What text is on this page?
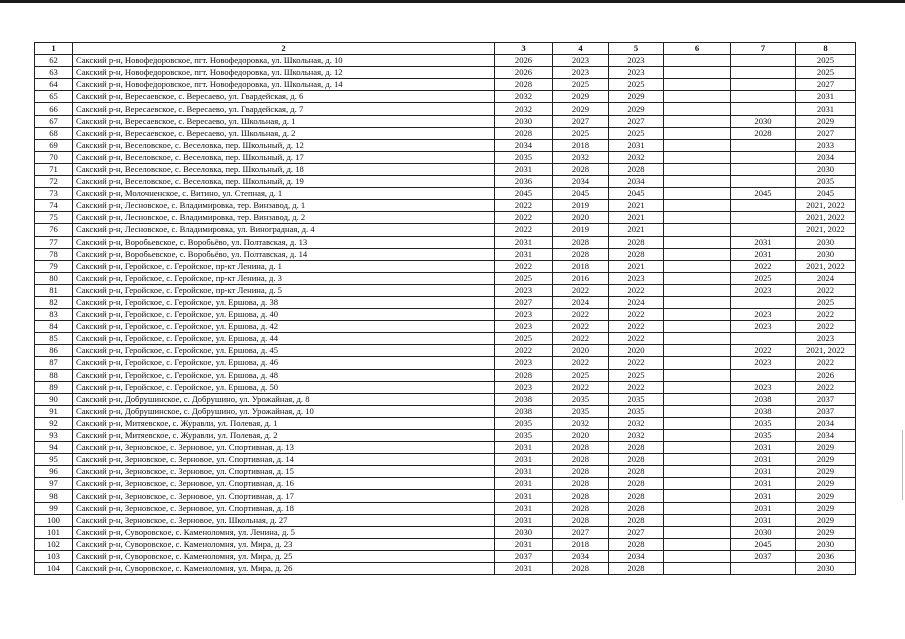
1	2	3	4	5	6	7	8
62	Сакский р-н, Новофедоровское, пгт. Новофедоровка, ул. Школьная, д. 10	2026	2023	2023			2025
63	Сакский р-н, Новофедоровское, пгт. Новофедоровка, ул. Школьная, д. 12	2026	2023	2023			2025
64	Сакский р-н, Новофедоровское, пгт. Новофедоровка, ул. Школьная, д. 14	2028	2025	2025			2027
65	Сакский р-н, Вересаевское, с. Вересаево, ул. Гвардейская, д. 6	2032	2029	2029			2031
66	Сакский р-н, Вересаевское, с. Вересаево, ул. Гвардейская, д. 7	2032	2029	2029			2031
67	Сакский р-н, Вересаевское, с. Вересаево, ул. Школьная, д. 1	2030	2027	2027		2030	2029
68	Сакский р-н, Вересаевское, с. Вересаево, ул. Школьная, д. 2	2028	2025	2025		2028	2027
69	Сакский р-н, Веселовское, с. Веселовка, пер. Школьный, д. 12	2034	2018	2031			2033
70	Сакский р-н, Веселовское, с. Веселовка, пер. Школьный, д. 17	2035	2032	2032			2034
71	Сакский р-н, Веселовское, с. Веселовка, пер. Школьный, д. 18	2031	2028	2028			2030
72	Сакский р-н, Веселовское, с. Веселовка, пер. Школьный, д. 19	2036	2034	2034			2035
73	Сакский р-н, Молочненское, с. Витино, ул. Степная, д. 1	2045	2045	2045		2045	2045
74	Сакский р-н, Лесновское, с. Владимировка, тер. Винзавод, д. 1	2022	2019	2021			2021, 2022
75	Сакский р-н, Лесновское, с. Владимировка, тер. Винзавод, д. 2	2022	2020	2021			2021, 2022
76	Сакский р-н, Лесновское, с. Владимировка, ул. Виноградная, д. 4	2022	2019	2021			2021, 2022
77	Сакский р-н, Воробьевское, с. Воробьёво, ул. Полтавская, д. 13	2031	2028	2028		2031	2030
78	Сакский р-н, Воробьевское, с. Воробьёво, ул. Полтавская, д. 14	2031	2028	2028		2031	2030
79	Сакский р-н, Геройское, с. Геройское, пр-кт Ленина, д. 1	2022	2018	2021		2022	2021, 2022
80	Сакский р-н, Геройское, с. Геройское, пр-кт Ленина, д. 3	2025	2016	2023		2025	2024
81	Сакский р-н, Геройское, с. Геройское, пр-кт Ленина, д. 5	2023	2022	2022		2023	2022
82	Сакский р-н, Геройское, с. Геройское, ул. Ершова, д. 38	2027	2024	2024			2025
83	Сакский р-н, Геройское, с. Геройское, ул. Ершова, д. 40	2023	2022	2022		2023	2022
84	Сакский р-н, Геройское, с. Геройское, ул. Ершова, д. 42	2023	2022	2022		2023	2022
85	Сакский р-н, Геройское, с. Геройское, ул. Ершова, д. 44	2025	2022	2022			2023
86	Сакский р-н, Геройское, с. Геройское, ул. Ершова, д. 45	2022	2020	2020		2022	2021, 2022
87	Сакский р-н, Геройское, с. Геройское, ул. Ершова, д. 46	2023	2022	2022		2023	2022
88	Сакский р-н, Геройское, с. Геройское, ул. Ершова, д. 48	2028	2025	2025			2026
89	Сакский р-н, Геройское, с. Геройское, ул. Ершова, д. 50	2023	2022	2022		2023	2022
90	Сакский р-н, Добрушинское, с. Добрушино, ул. Урожайная, д. 8	2038	2035	2035		2038	2037
91	Сакский р-н, Добрушинское, с. Добрушино, ул. Урожайная, д. 10	2038	2035	2035		2038	2037
92	Сакский р-н, Митяевское, с. Журавли, ул. Полевая, д. 1	2035	2032	2032		2035	2034
93	Сакский р-н, Митяевское, с. Журавли, ул. Полевая, д. 2	2035	2020	2032		2035	2034
94	Сакский р-н, Зерновское, с. Зерновое, ул. Спортивная, д. 13	2031	2028	2028		2031	2029
95	Сакский р-н, Зерновское, с. Зерновое, ул. Спортивная, д. 14	2031	2028	2028		2031	2029
96	Сакский р-н, Зерновское, с. Зерновое, ул. Спортивная, д. 15	2031	2028	2028		2031	2029
97	Сакский р-н, Зерновское, с. Зерновое, ул. Спортивная, д. 16	2031	2028	2028		2031	2029
98	Сакский р-н, Зерновское, с. Зерновое, ул. Спортивная, д. 17	2031	2028	2028		2031	2029
99	Сакский р-н, Зерновское, с. Зерновое, ул. Спортивная, д. 18	2031	2028	2028		2031	2029
100	Сакский р-н, Зерновское, с. Зерновое, ул. Школьная, д. 27	2031	2028	2028		2031	2029
101	Сакский р-н, Суворовское, с. Каменоломня, ул. Ленина, д. 5	2030	2027	2027		2030	2029
102	Сакский р-н, Суворовское, с. Каменоломня, ул. Мира, д. 23	2031	2018	2028		2045	2030
103	Сакский р-н, Суворовское, с. Каменоломня, ул. Мира, д. 25	2037	2034	2034		2037	2036
104	Сакский р-н, Суворовское, с. Каменоломня, ул. Мира, д. 26	2031	2028	2028			2030
